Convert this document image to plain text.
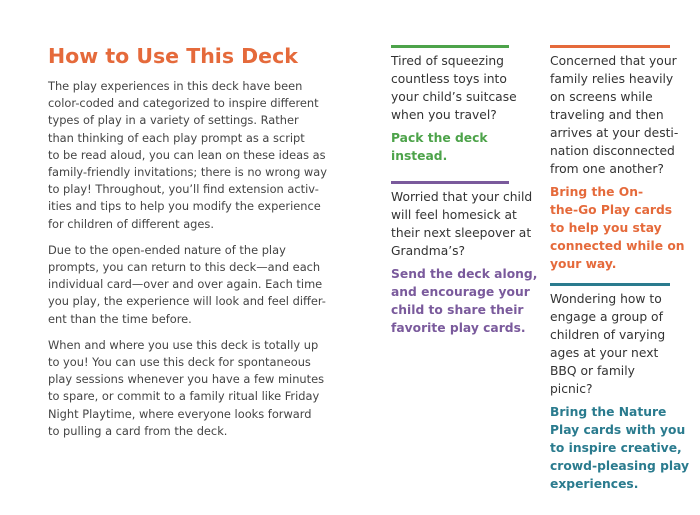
How to Use This Deck

The play experiences in this deck have been
color-coded and categorized to inspire different
types of play in a variety of settings. Rather
than thinking of each play prompt as a script
to be read aloud, you can lean on these ideas as
family-friendly invitations; there is no wrong way
to play! Throughout, you’ll find extension activ-
ities and tips to help you modify the experience
for children of different ages.

Due to the open-ended nature of the play
prompts, you can return to this deck—and each
individual card—over and over again. Each time
you play, the experience will look and feel differ-
ent than the time before.

When and where you use this deck is totally up
to you! You can use this deck for spontaneous
play sessions whenever you have a few minutes
to spare, or commit to a family ritual like Friday
Night Playtime, where everyone looks forward
to pulling a card from the deck.

Tired of squeezing
countless toys into
your child’s suitcase
when you travel?
Pack the deck
instead.
Worried that your child
will feel homesick at
their next sleepover at
Grandma’s?
Send the deck along,
and encourage your
child to share their
favorite play cards.
Concerned that your
family relies heavily
on screens while
traveling and then
arrives at your desti-
nation disconnected
from one another?
Bring the On-
the-Go Play cards
to help you stay
connected while on
your way.
Wondering how to
engage a group of
children of varying
ages at your next
BBQ or family
picnic?
Bring the Nature
Play cards with you
to inspire creative,
crowd-pleasing play
experiences.
